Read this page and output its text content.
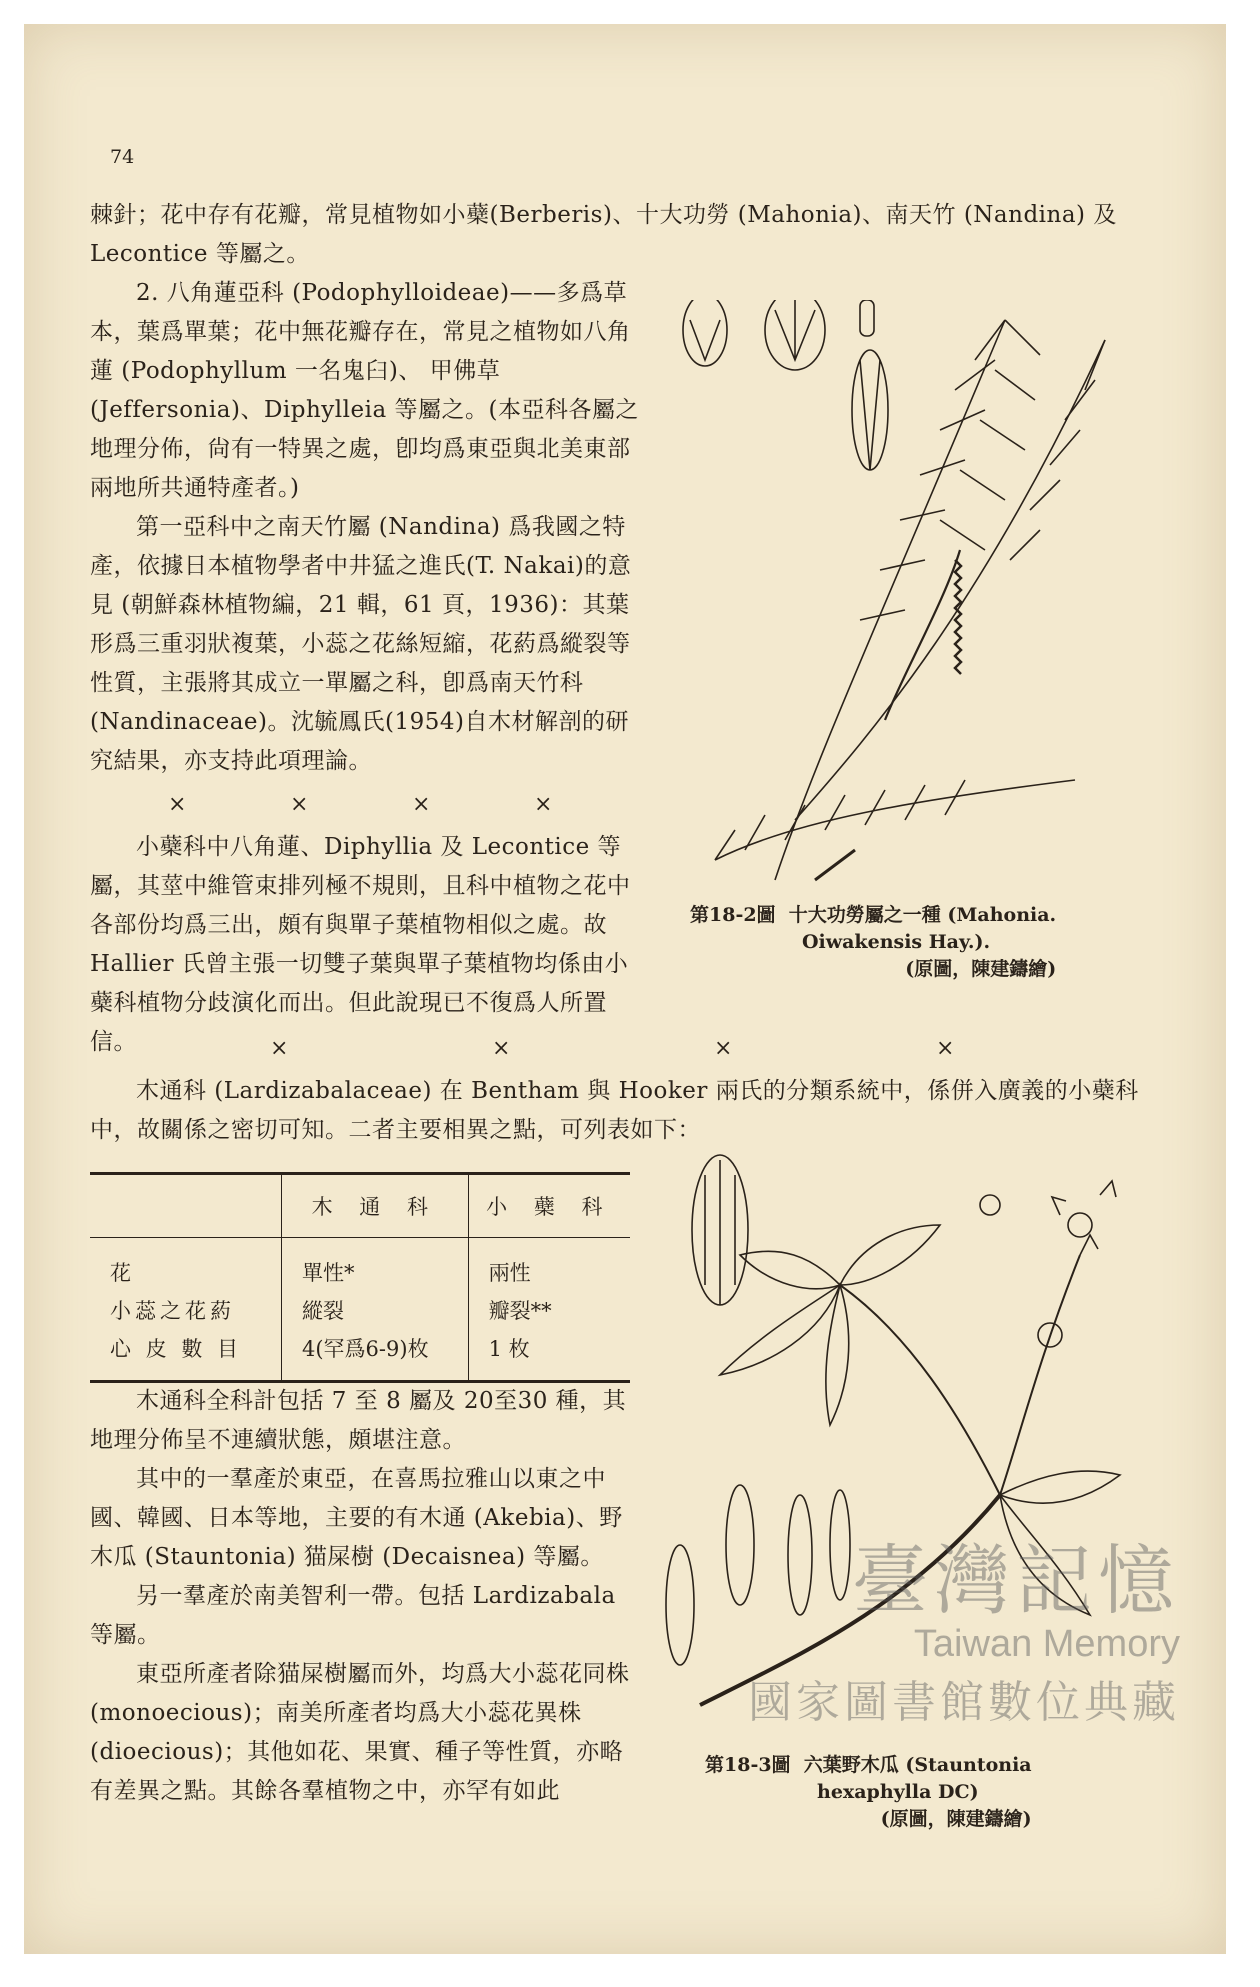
74

棘針；花中存有花瓣，常見植物如小蘗(Berberis)、十大功勞 (Mahonia)、南天竹 (Nandina) 及 Lecontice 等屬之。

2. 八角蓮亞科 (Podophylloideae)——多爲草本，葉爲單葉；花中無花瓣存在，常見之植物如八角蓮 (Podophyllum 一名鬼臼)、 甲佛草 (Jeffersonia)、Diphylleia 等屬之。(本亞科各屬之地理分佈，尙有一特異之處，卽均爲東亞與北美東部兩地所共通特產者。)

第一亞科中之南天竹屬 (Nandina) 爲我國之特產，依據日本植物學者中井猛之進氏(T. Nakai)的意見 (朝鮮森林植物編，21 輯，61 頁，1936)：其葉形爲三重羽狀複葉，小蕊之花絲短縮，花葯爲縱裂等性質，主張將其成立一單屬之科，卽爲南天竹科(Nandinaceae)。沈毓鳳氏(1954)自木材解剖的研究結果，亦支持此項理論。

×	×	×	×

小蘗科中八角蓮、Diphyllia 及 Lecontice 等屬，其莖中維管束排列極不規則，且科中植物之花中各部份均爲三出，頗有與單子葉植物相似之處。故 Hallier 氏曾主張一切雙子葉與單子葉植物均係由小蘗科植物分歧演化而出。但此說現已不復爲人所置信。	×	×	×	×

木通科 (Lardizabalaceae) 在 Bentham 與 Hooker 兩氏的分類系統中，係併入廣義的小蘗科中，故關係之密切可知。二者主要相異之點，可列表如下：

	木 通 科	小 蘗 科
花	單性*	兩性
小蕊之花葯	縱裂	瓣裂**
心 皮 數 目	4(罕爲6-9)枚	1 枚

木通科全科計包括 7 至 8 屬及 20至30 種，其地理分佈呈不連續狀態，頗堪注意。

其中的一羣產於東亞，在喜馬拉雅山以東之中國、韓國、日本等地，主要的有木通 (Akebia)、野木瓜 (Stauntonia) 猫屎樹 (Decaisnea) 等屬。

另一羣產於南美智利一帶。包括 Lardizabala 等屬。

東亞所產者除猫屎樹屬而外，均爲大小蕊花同株 (monoecious)；南美所產者均爲大小蕊花異株 (dioecious)；其他如花、果實、種子等性質，亦略有差異之點。其餘各羣植物之中，亦罕有如此

第18-2圖 十大功勞屬之一種 (Mahonia.
Oiwakensis Hay.).
(原圖，陳建鑄繪)
第18-3圖 六葉野木瓜 (Stauntonia
hexaphylla DC)
(原圖，陳建鑄繪)
臺灣記憶
Taiwan Memory
國家圖書館數位典藏
